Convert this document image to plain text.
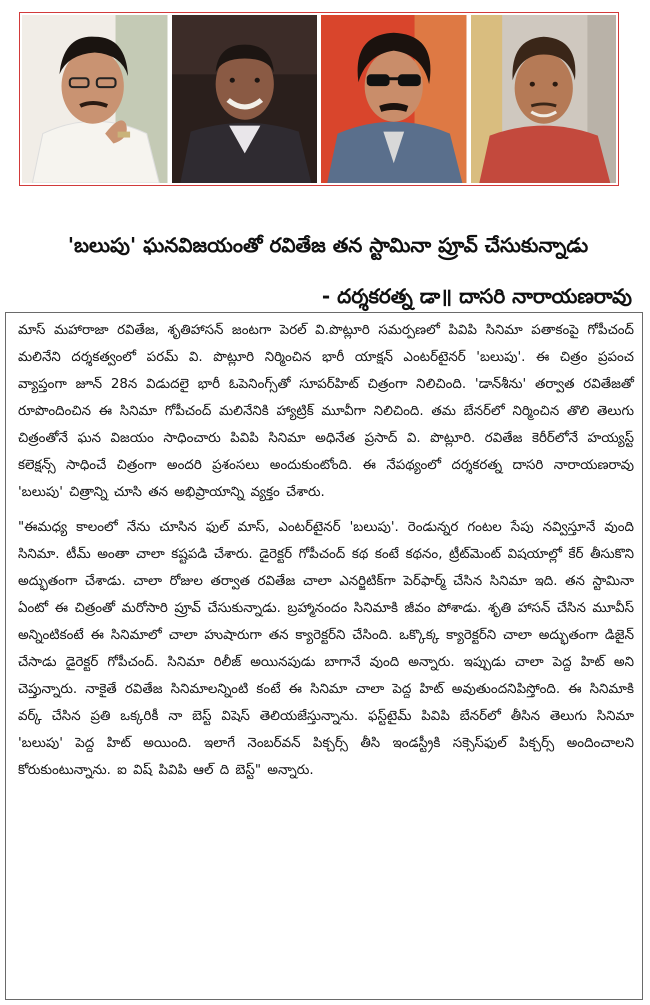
'బలుపు' ఘనవిజయంతో రవితేజ తన స్టామినా ప్రూవ్ చేసుకున్నాడు
- దర్శకరత్న డా॥ దాసరి నారాయణరావు

మాస్ మహారాజా రవితేజ, శృతిహాసన్ జంటగా పెరల్ వి.పొట్లూరి సమర్పణలో పివిపి సినిమా పతాకంపై గోపీచంద్ మలినేని దర్శకత్వంలో పరమ్ వి. పొట్లూరి నిర్మించిన భారీ యాక్షన్ ఎంటర్‌టైనర్ 'బలుపు'. ఈ చిత్రం ప్రపంచ వ్యాప్తంగా జూన్ 28న విడుదలై భారీ ఓపెనింగ్స్‌తో సూపర్‌హిట్ చిత్రంగా నిలిచింది. 'డాన్‌శీను' తర్వాత రవితేజతో రూపొందించిన ఈ సినిమా గోపీచంద్ మలినేనికి హ్యాట్రిక్ మూవీగా నిలిచింది. తమ బేనర్‌లో నిర్మించిన తొలి తెలుగు చిత్రంతోనే ఘన విజయం సాధించారు పివిపి సినిమా అధినేత ప్రసాద్ వి. పొట్లూరి. రవితేజ కెరీర్‌లోనే హయ్యస్ట్ కలెక్షన్స్ సాధించే చిత్రంగా అందరి ప్రశంసలు అందుకుంటోంది. ఈ నేపథ్యంలో దర్శకరత్న దాసరి నారాయణరావు 'బలుపు' చిత్రాన్ని చూసి తన అభిప్రాయాన్ని వ్యక్తం చేశారు.

"ఈమధ్య కాలంలో నేను చూసిన ఫుల్ మాస్, ఎంటర్‌టైనర్ 'బలుపు'. రెండున్నర గంటల సేపు నవ్విస్తూనే వుంది సినిమా. టీమ్ అంతా చాలా కష్టపడి చేశారు. డైరెక్టర్ గోపీచంద్ కథ కంటే కథనం, ట్రీట్‌మెంట్ విషయాల్లో కేర్ తీసుకొని అద్భుతంగా చేశాడు. చాలా రోజుల తర్వాత రవితేజ చాలా ఎనర్జిటిక్‌గా పెర్‌ఫార్మ్ చేసిన సినిమా ఇది. తన స్టామినా ఏంటో ఈ చిత్రంతో మరోసారి ప్రూవ్ చేసుకున్నాడు. బ్రహ్మానందం సినిమాకి జీవం పోశాడు. శృతి హాసన్ చేసిన మూవీస్ అన్నింటికంటే ఈ సినిమాలో చాలా హుషారుగా తన క్యారెక్టర్‌ని చేసింది. ఒక్కొక్క క్యారెక్టర్‌ని చాలా అద్భుతంగా డిజైన్ చేసాడు డైరెక్టర్ గోపీచంద్. సినిమా రిలీజ్ అయినపుడు బాగానే వుంది అన్నారు. ఇప్పుడు చాలా పెద్ద హిట్ అని చెప్తున్నారు. నాకైతే రవితేజ సినిమాలన్నింటి కంటే ఈ సినిమా చాలా పెద్ద హిట్ అవుతుందనిపిస్తోంది. ఈ సినిమాకి వర్క్ చేసిన ప్రతి ఒక్కరికీ నా బెస్ట్ విషెస్ తెలియజేస్తున్నాను. ఫస్ట్‌టైమ్ పివిపి బేనర్‌లో తీసిన తెలుగు సినిమా 'బలుపు' పెద్ద హిట్ అయింది. ఇలాగే నెంబర్‌వన్ పిక్చర్స్ తీసి ఇండస్ట్రీకి సక్సెస్‌ఫుల్ పిక్చర్స్ అందించాలని కోరుకుంటున్నాను. ఐ విష్ పివిపి ఆల్ ది బెస్ట్" అన్నారు.
